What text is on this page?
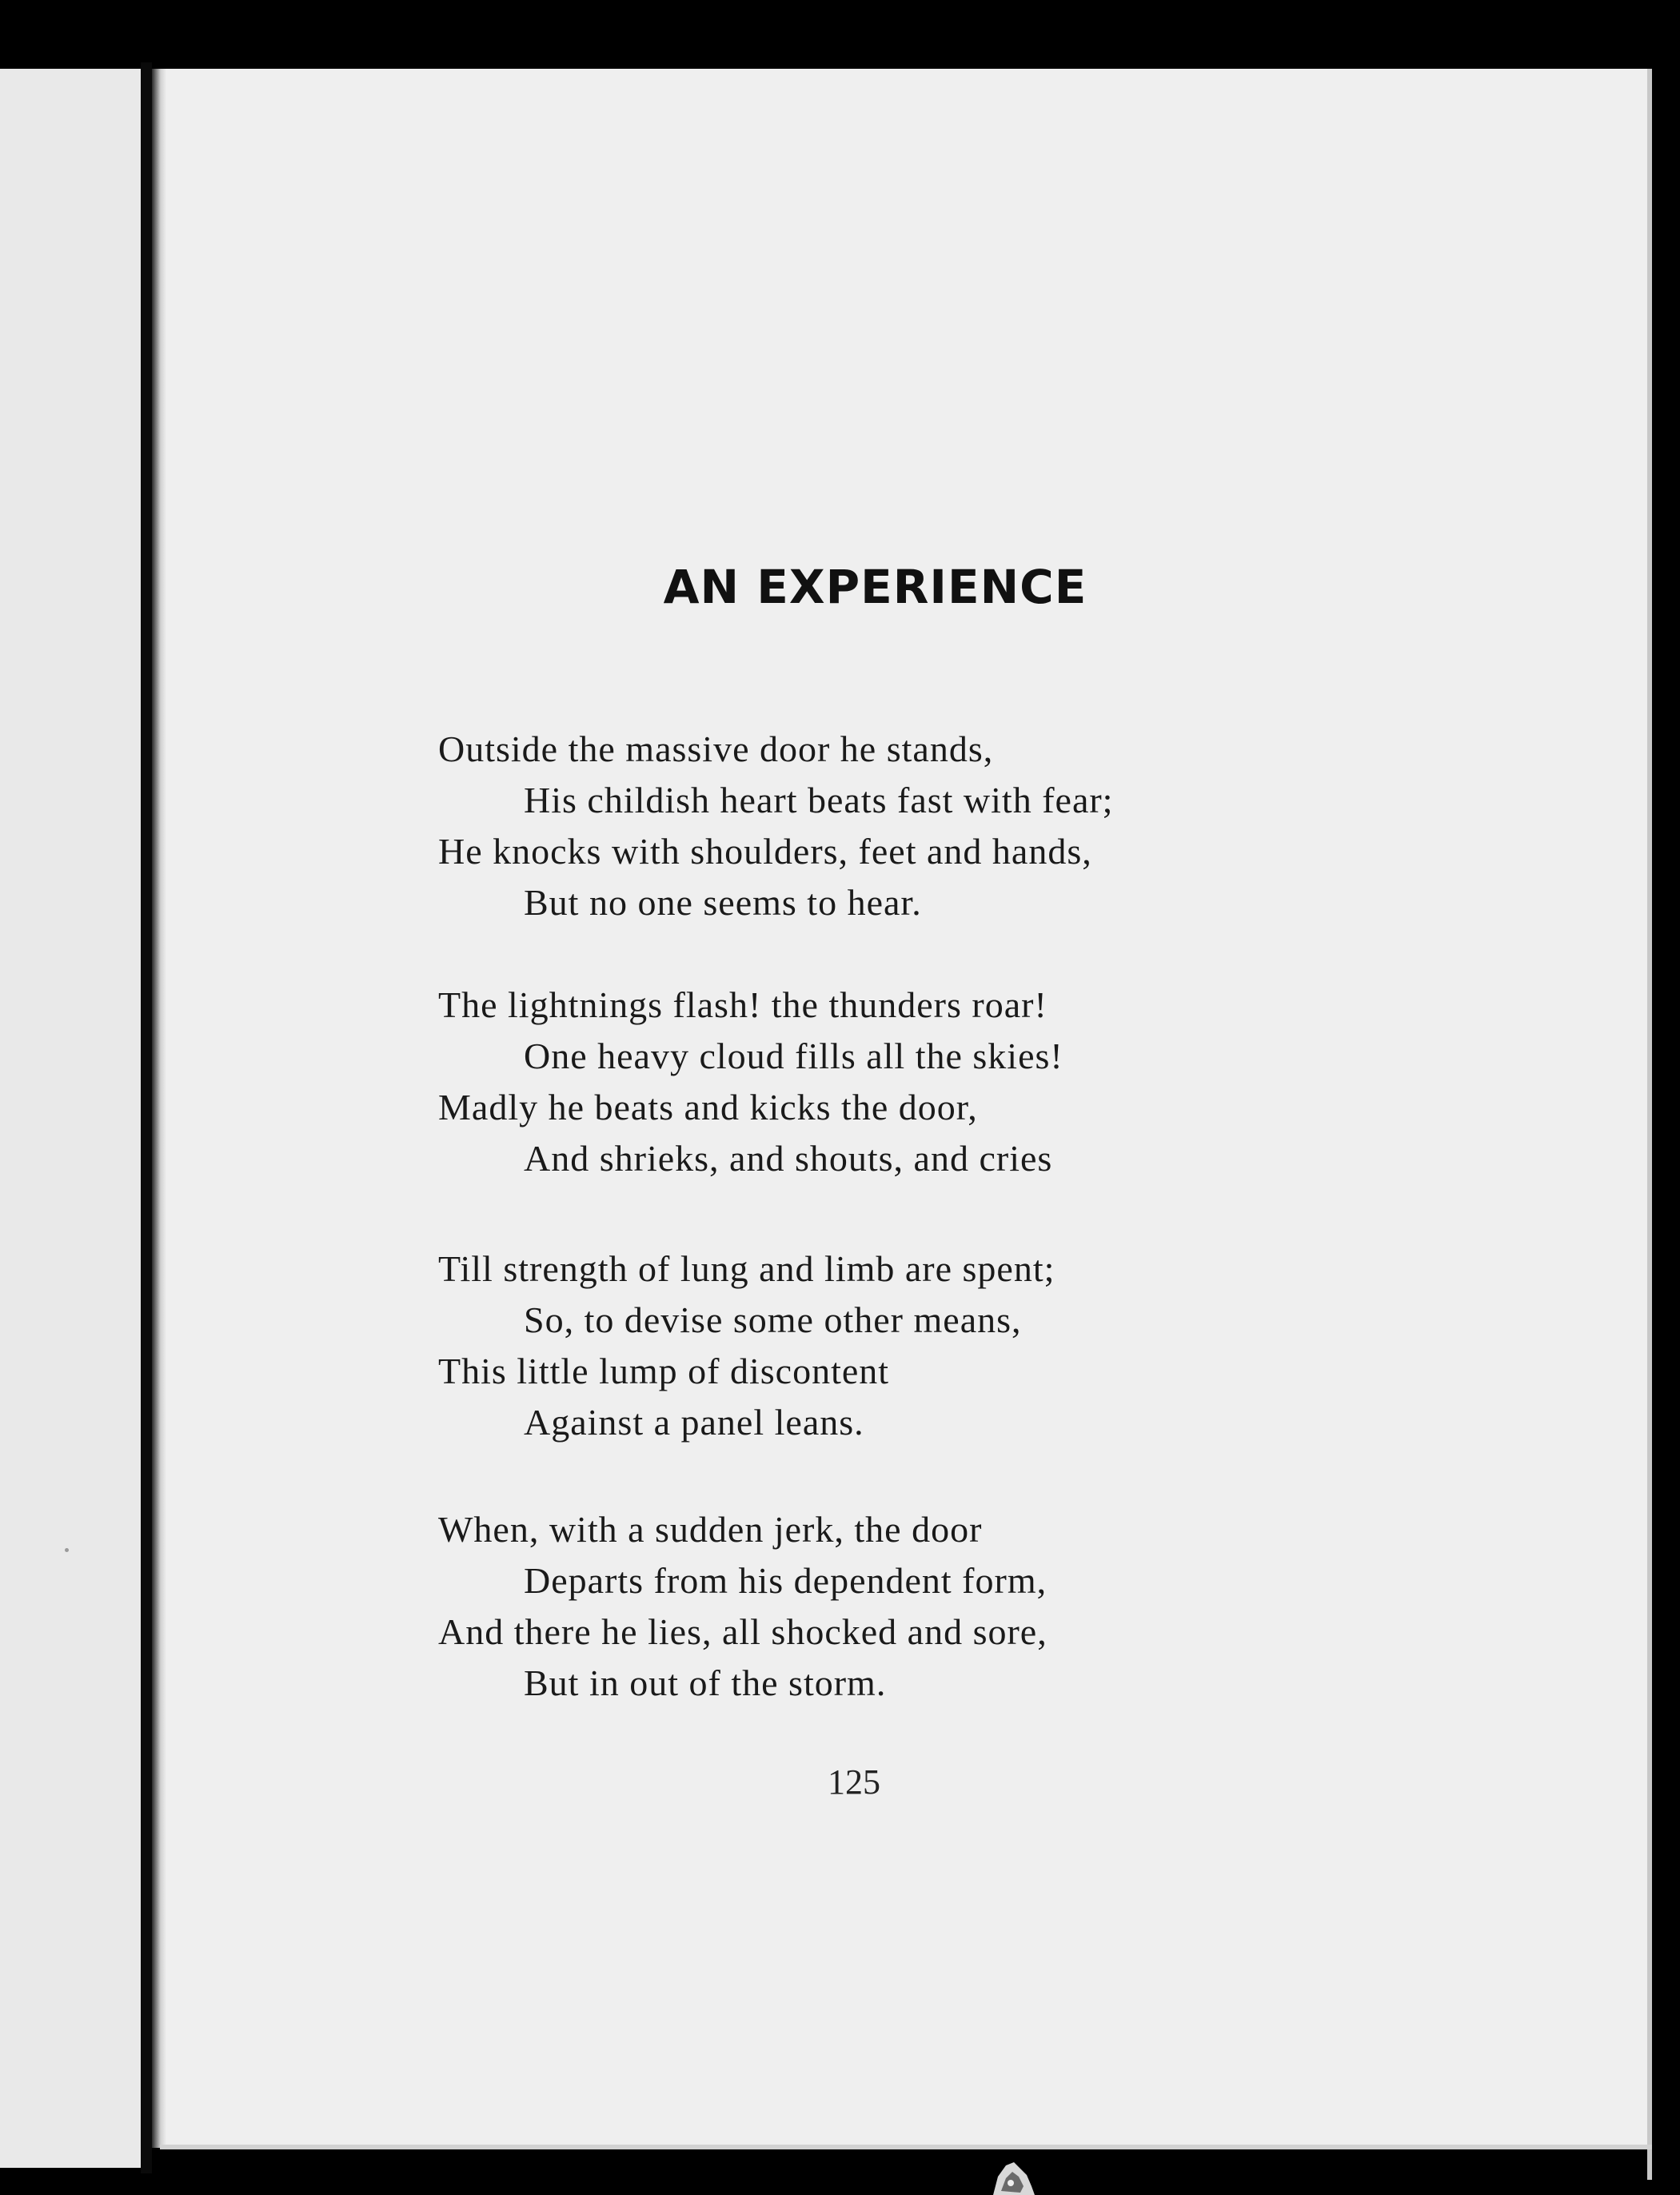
AN EXPERIENCE
Outside the massive door he stands,
His childish heart beats fast with fear;
He knocks with shoulders, feet and hands,
But no one seems to hear.
The lightnings flash! the thunders roar!
One heavy cloud fills all the skies!
Madly he beats and kicks the door,
And shrieks, and shouts, and cries
Till strength of lung and limb are spent;
So, to devise some other means,
This little lump of discontent
Against a panel leans.
When, with a sudden jerk, the door
Departs from his dependent form,
And there he lies, all shocked and sore,
But in out of the storm.
125
